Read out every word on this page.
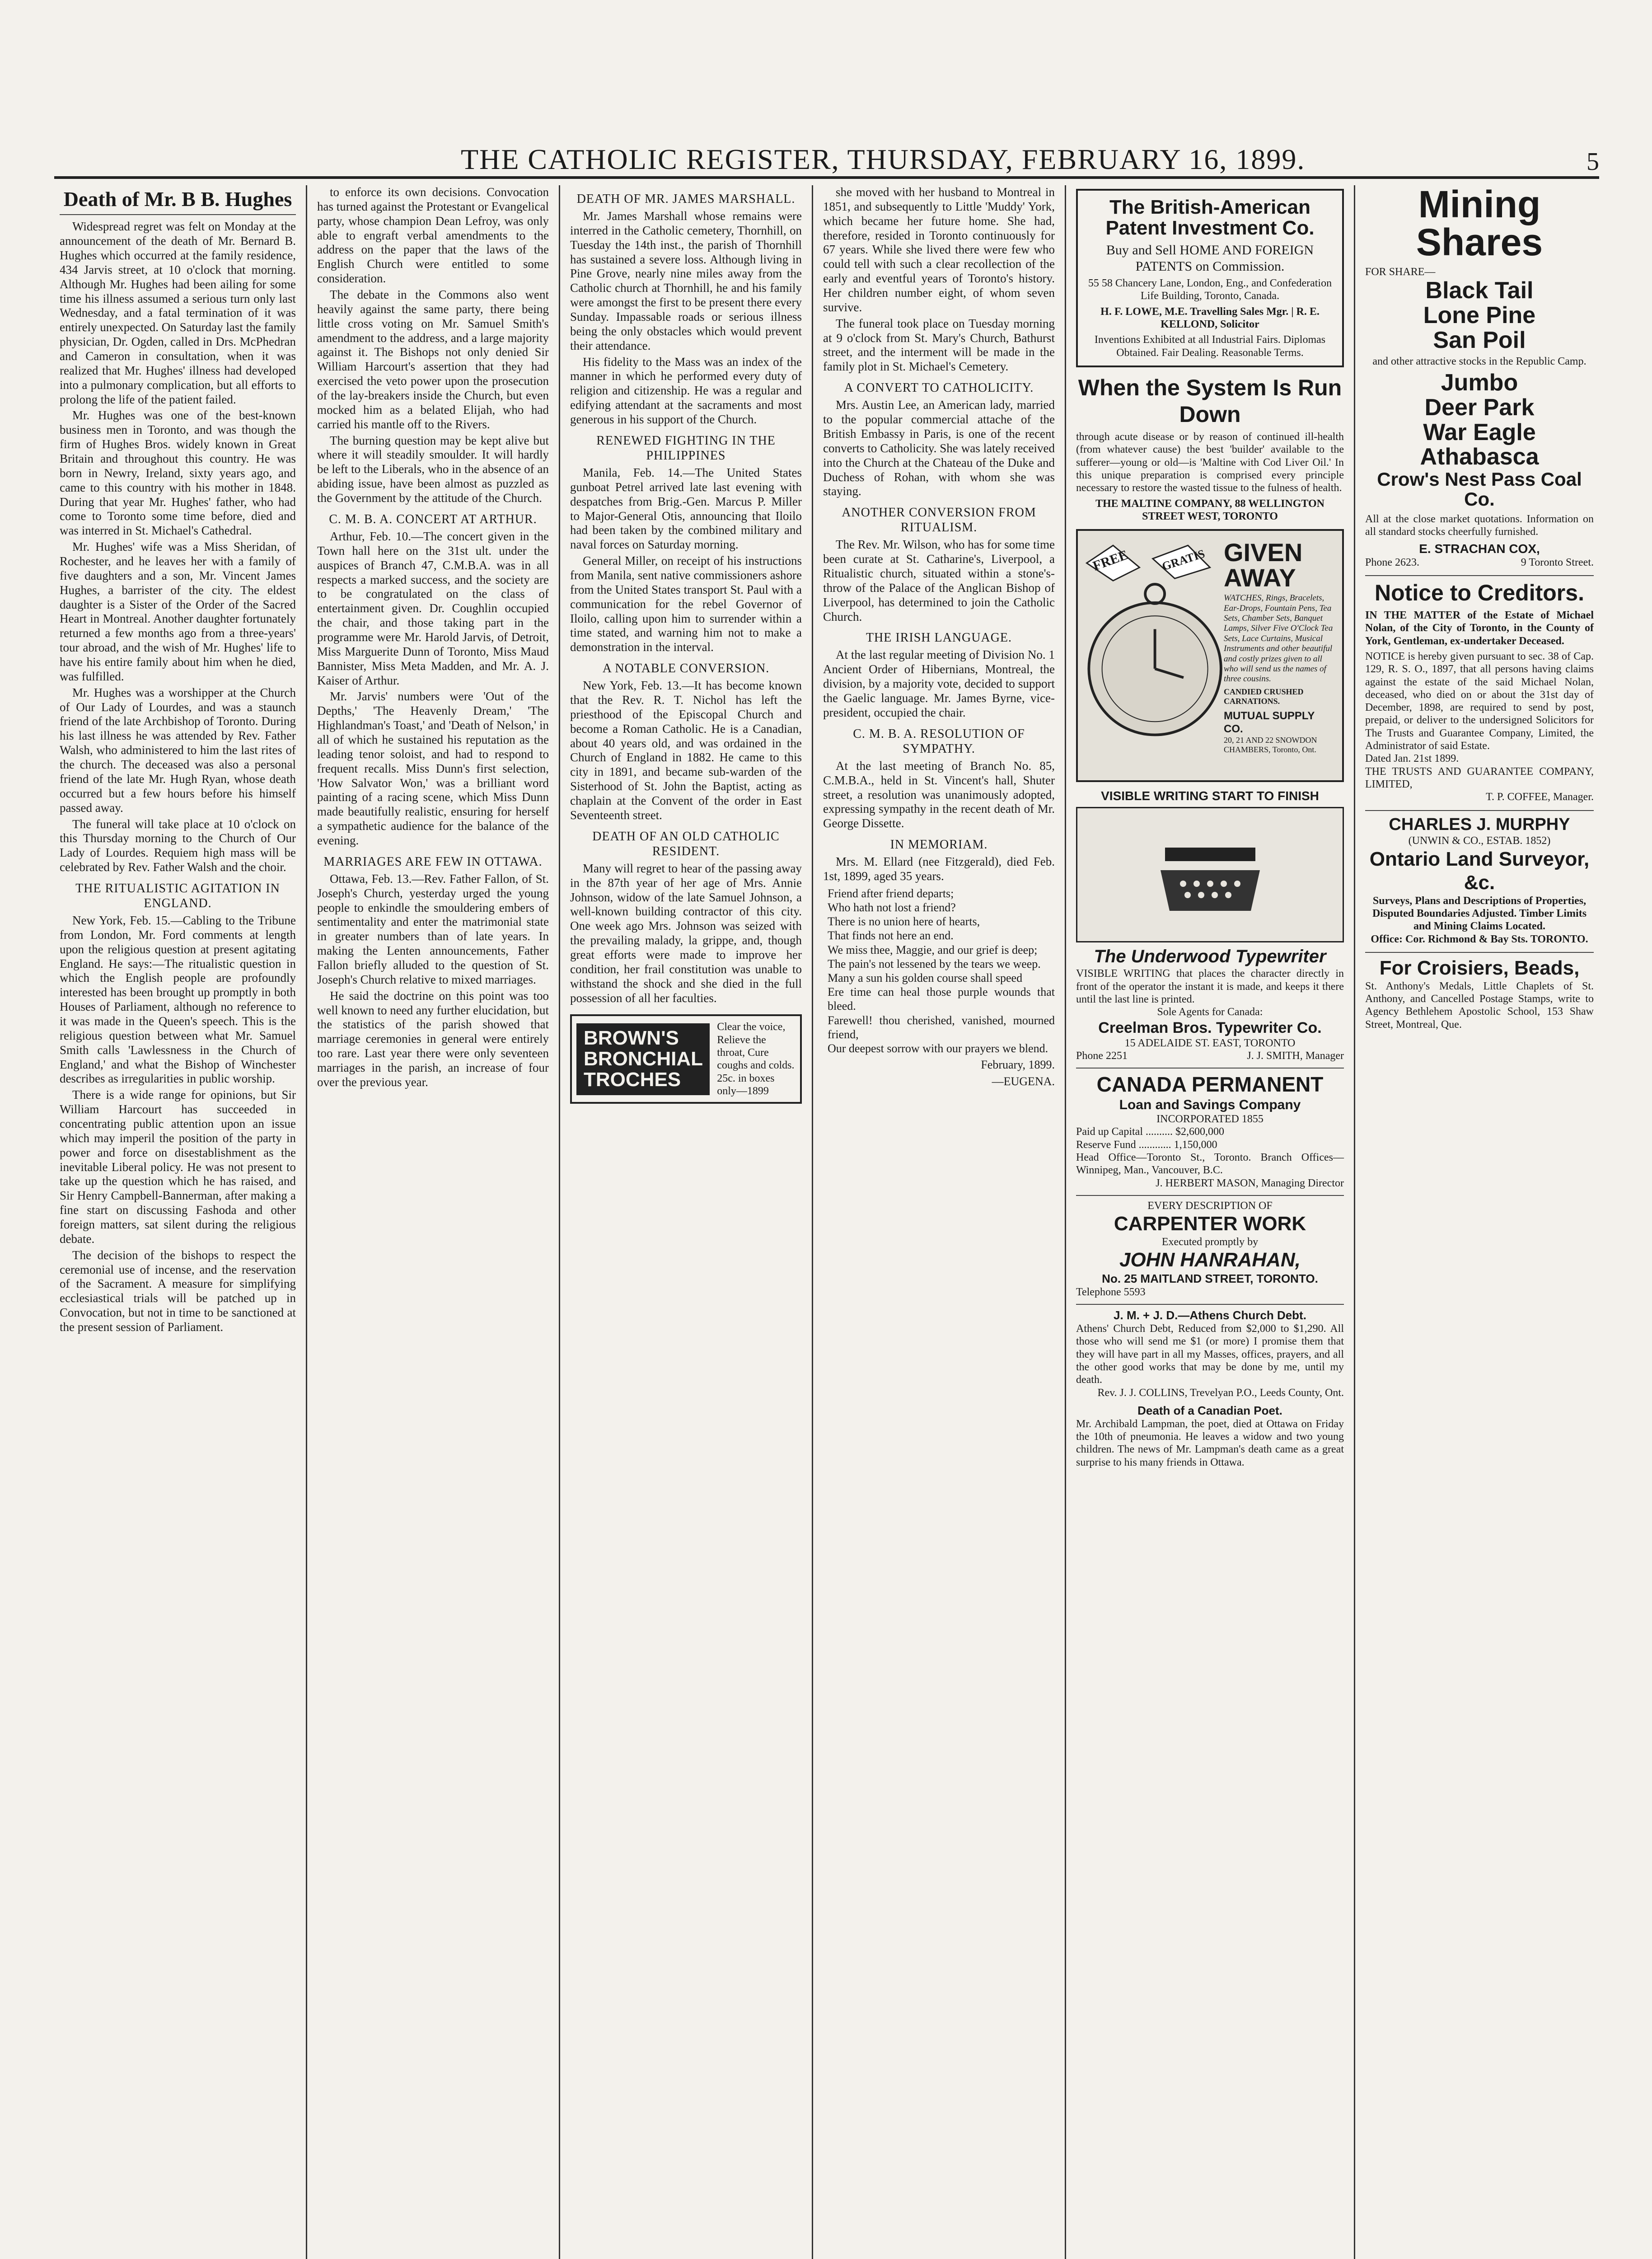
THE CATHOLIC REGISTER, THURSDAY, FEBRUARY 16, 1899.	5
Death of Mr. B B. Hughes

Widespread regret was felt on Monday at the announcement of the death of Mr. Bernard B. Hughes which occurred at the family residence, 434 Jarvis street, at 10 o'clock that morning. Although Mr. Hughes had been ailing for some time his illness assumed a serious turn only last Wednesday, and a fatal termination of it was entirely unexpected. On Saturday last the family physician, Dr. Ogden, called in Drs. McPhedran and Cameron in consultation, when it was realized that Mr. Hughes' illness had developed into a pulmonary complication, but all efforts to prolong the life of the patient failed.

Mr. Hughes was one of the best-known business men in Toronto, and was though the firm of Hughes Bros. widely known in Great Britain and throughout this country. He was born in Newry, Ireland, sixty years ago, and came to this country with his mother in 1848. During that year Mr. Hughes' father, who had come to Toronto some time before, died and was interred in St. Michael's Cathedral.

Mr. Hughes' wife was a Miss Sheridan, of Rochester, and he leaves her with a family of five daughters and a son, Mr. Vincent James Hughes, a barrister of the city. The eldest daughter is a Sister of the Order of the Sacred Heart in Montreal. Another daughter fortunately returned a few months ago from a three-years' tour abroad, and the wish of Mr. Hughes' life to have his entire family about him when he died, was fulfilled.

Mr. Hughes was a worshipper at the Church of Our Lady of Lourdes, and was a staunch friend of the late Archbishop of Toronto. During his last illness he was attended by Rev. Father Walsh, who administered to him the last rites of the church. The deceased was also a personal friend of the late Mr. Hugh Ryan, whose death occurred but a few hours before his himself passed away.

The funeral will take place at 10 o'clock on this Thursday morning to the Church of Our Lady of Lourdes. Requiem high mass will be celebrated by Rev. Father Walsh and the choir.

THE RITUALISTIC AGITATION IN ENGLAND.

New York, Feb. 15.—Cabling to the Tribune from London, Mr. Ford comments at length upon the religious question at present agitating England. He says:—The ritualistic question in which the English people are profoundly interested has been brought up promptly in both Houses of Parliament, although no reference to it was made in the Queen's speech. This is the religious question between what Mr. Samuel Smith calls 'Lawlessness in the Church of England,' and what the Bishop of Winchester describes as irregularities in public worship.

There is a wide range for opinions, but Sir William Harcourt has succeeded in concentrating public attention upon an issue which may imperil the position of the party in power and force on disestablishment as the inevitable Liberal policy. He was not present to take up the question which he has raised, and Sir Henry Campbell-Bannerman, after making a fine start on discussing Fashoda and other foreign matters, sat silent during the religious debate.

The decision of the bishops to respect the ceremonial use of incense, and the reservation of the Sacrament. A measure for simplifying ecclesiastical trials will be patched up in Convocation, but not in time to be sanctioned at the present session of Parliament.

to enforce its own decisions. Convocation has turned against the Protestant or Evangelical party, whose champion Dean Lefroy, was only able to engraft verbal amendments to the address on the paper that the laws of the English Church were entitled to some consideration.

The debate in the Commons also went heavily against the same party, there being little cross voting on Mr. Samuel Smith's amendment to the address, and a large majority against it. The Bishops not only denied Sir William Harcourt's assertion that they had exercised the veto power upon the prosecution of the lay-breakers inside the Church, but even mocked him as a belated Elijah, who had carried his mantle off to the Rivers.

The burning question may be kept alive but where it will steadily smoulder. It will hardly be left to the Liberals, who in the absence of an abiding issue, have been almost as puzzled as the Government by the attitude of the Church.

C. M. B. A. CONCERT AT ARTHUR.

Arthur, Feb. 10.—The concert given in the Town hall here on the 31st ult. under the auspices of Branch 47, C.M.B.A. was in all respects a marked success, and the society are to be congratulated on the class of entertainment given. Dr. Coughlin occupied the chair, and those taking part in the programme were Mr. Harold Jarvis, of Detroit, Miss Marguerite Dunn of Toronto, Miss Maud Bannister, Miss Meta Madden, and Mr. A. J. Kaiser of Arthur.

Mr. Jarvis' numbers were 'Out of the Depths,' 'The Heavenly Dream,' 'The Highlandman's Toast,' and 'Death of Nelson,' in all of which he sustained his reputation as the leading tenor soloist, and had to respond to frequent recalls. Miss Dunn's first selection, 'How Salvator Won,' was a brilliant word painting of a racing scene, which Miss Dunn made beautifully realistic, ensuring for herself a sympathetic audience for the balance of the evening.

MARRIAGES ARE FEW IN OTTAWA.

Ottawa, Feb. 13.—Rev. Father Fallon, of St. Joseph's Church, yesterday urged the young people to enkindle the smouldering embers of sentimentality and enter the matrimonial state in greater numbers than of late years. In making the Lenten announcements, Father Fallon briefly alluded to the question of St. Joseph's Church relative to mixed marriages.

He said the doctrine on this point was too well known to need any further elucidation, but the statistics of the parish showed that marriage ceremonies in general were entirely too rare. Last year there were only seventeen marriages in the parish, an increase of four over the previous year.

DEATH OF MR. JAMES MARSHALL.

Mr. James Marshall whose remains were interred in the Catholic cemetery, Thornhill, on Tuesday the 14th inst., the parish of Thornhill has sustained a severe loss. Although living in Pine Grove, nearly nine miles away from the Catholic church at Thornhill, he and his family were amongst the first to be present there every Sunday. Impassable roads or serious illness being the only obstacles which would prevent their attendance.

His fidelity to the Mass was an index of the manner in which he performed every duty of religion and citizenship. He was a regular and edifying attendant at the sacraments and most generous in his support of the Church.

RENEWED FIGHTING IN THE PHILIPPINES

Manila, Feb. 14.—The United States gunboat Petrel arrived late last evening with despatches from Brig.-Gen. Marcus P. Miller to Major-General Otis, announcing that Iloilo had been taken by the combined military and naval forces on Saturday morning.

General Miller, on receipt of his instructions from Manila, sent native commissioners ashore from the United States transport St. Paul with a communication for the rebel Governor of Iloilo, calling upon him to surrender within a time stated, and warning him not to make a demonstration in the interval.

A NOTABLE CONVERSION.

New York, Feb. 13.—It has become known that the Rev. R. T. Nichol has left the priesthood of the Episcopal Church and become a Roman Catholic. He is a Canadian, about 40 years old, and was ordained in the Church of England in 1882. He came to this city in 1891, and became sub-warden of the Sisterhood of St. John the Baptist, acting as chaplain at the Convent of the order in East Seventeenth street.

DEATH OF AN OLD CATHOLIC RESIDENT.

Many will regret to hear of the passing away in the 87th year of her age of Mrs. Annie Johnson, widow of the late Samuel Johnson, a well-known building contractor of this city. One week ago Mrs. Johnson was seized with the prevailing malady, la grippe, and, though great efforts were made to improve her condition, her frail constitution was unable to withstand the shock and she died in the full possession of all her faculties.

BROWN'S BRONCHIAL TROCHES
Clear the voice, Relieve the throat, Cure coughs and colds.
25c. in boxes only—1899

she moved with her husband to Montreal in 1851, and subsequently to Little 'Muddy' York, which became her future home. She had, therefore, resided in Toronto continuously for 67 years. While she lived there were few who could tell with such a clear recollection of the early and eventful years of Toronto's history. Her children number eight, of whom seven survive.

The funeral took place on Tuesday morning at 9 o'clock from St. Mary's Church, Bathurst street, and the interment will be made in the family plot in St. Michael's Cemetery.

A CONVERT TO CATHOLICITY.

Mrs. Austin Lee, an American lady, married to the popular commercial attache of the British Embassy in Paris, is one of the recent converts to Catholicity. She was lately received into the Church at the Chateau of the Duke and Duchess of Rohan, with whom she was staying.

ANOTHER CONVERSION FROM RITUALISM.

The Rev. Mr. Wilson, who has for some time been curate at St. Catharine's, Liverpool, a Ritualistic church, situated within a stone's-throw of the Palace of the Anglican Bishop of Liverpool, has determined to join the Catholic Church.

THE IRISH LANGUAGE.

At the last regular meeting of Division No. 1 Ancient Order of Hibernians, Montreal, the division, by a majority vote, decided to support the Gaelic language. Mr. James Byrne, vice-president, occupied the chair.

C. M. B. A. RESOLUTION OF SYMPATHY.

At the last meeting of Branch No. 85, C.M.B.A., held in St. Vincent's hall, Shuter street, a resolution was unanimously adopted, expressing sympathy in the recent death of Mr. George Dissette.

IN MEMORIAM.

Mrs. M. Ellard (nee Fitzgerald), died Feb. 1st, 1899, aged 35 years.

Friend after friend departs;
Who hath not lost a friend?
There is no union here of hearts,
That finds not here an end.
We miss thee, Maggie, and our grief is deep;
The pain's not lessened by the tears we weep.
Many a sun his golden course shall speed
Ere time can heal those purple wounds that bleed.
Farewell! thou cherished, vanished, mourned friend,
Our deepest sorrow with our prayers we blend.
February, 1899.
—EUGENA.
The British-American Patent Investment Co.
Buy and Sell HOME AND FOREIGN PATENTS on Commission.
55 58 Chancery Lane, London, Eng., and Confederation Life Building, Toronto, Canada.
H. F. LOWE, M.E. Travelling Sales Mgr. | R. E. KELLOND, Solicitor
Inventions Exhibited at all Industrial Fairs. Diplomas Obtained. Fair Dealing. Reasonable Terms.
When the System Is Run Down
through acute disease or by reason of continued ill-health (from whatever cause) the best 'builder' available to the sufferer—young or old—is 'Maltine with Cod Liver Oil.' In this unique preparation is comprised every principle necessary to restore the wasted tissue to the fulness of health.
THE MALTINE COMPANY, 88 WELLINGTON STREET WEST, TORONTO
FREE	GRATIS GIVEN AWAY
WATCHES, Rings, Bracelets, Ear-Drops, Fountain Pens, Tea Sets, Chamber Sets, Banquet Lamps, Silver Five O'Clock Tea Sets, Lace Curtains, Musical Instruments and other beautiful and costly prizes given to all who will send us the names of three cousins.
CANDIED CRUSHED CARNATIONS.
MUTUAL SUPPLY CO.
20, 21 AND 22 SNOWDON CHAMBERS, Toronto, Ont.
VISIBLE WRITING START TO FINISH
The Underwood Typewriter
VISIBLE WRITING that places the character directly in front of the operator the instant it is made, and keeps it there until the last line is printed.
Sole Agents for Canada:
Creelman Bros. Typewriter Co.
15 ADELAIDE ST. EAST, TORONTO
Phone 2251	J. J. SMITH, Manager
CANADA PERMANENT
Loan and Savings Company
INCORPORATED 1855
Paid up Capital .......... $2,600,000
Reserve Fund ............ 1,150,000
Head Office—Toronto St., Toronto. Branch Offices—Winnipeg, Man., Vancouver, B.C.
J. HERBERT MASON, Managing Director
EVERY DESCRIPTION OF
CARPENTER WORK
Executed promptly by
JOHN HANRAHAN,
No. 25 MAITLAND STREET, TORONTO.
Telephone 5593
J. M. + J. D.—Athens Church Debt.
Athens' Church Debt, Reduced from $2,000 to $1,290. All those who will send me $1 (or more) I promise them that they will have part in all my Masses, offices, prayers, and all the other good works that may be done by me, until my death.
Rev. J. J. COLLINS, Trevelyan P.O., Leeds County, Ont.
Death of a Canadian Poet.
Mr. Archibald Lampman, the poet, died at Ottawa on Friday the 10th of pneumonia. He leaves a widow and two young children. The news of Mr. Lampman's death came as a great surprise to his many friends in Ottawa.
Mining Shares
FOR SHARE—
Black Tail
Lone Pine
San Poil
and other attractive stocks in the Republic Camp.
Jumbo
Deer Park
War Eagle
Athabasca
Crow's Nest Pass Coal Co.
All at the close market quotations. Information on all standard stocks cheerfully furnished.
E. STRACHAN COX,
Phone 2623.	9 Toronto Street.
Notice to Creditors.
IN THE MATTER of the Estate of Michael Nolan, of the City of Toronto, in the County of York, Gentleman, ex-undertaker Deceased.
NOTICE is hereby given pursuant to sec. 38 of Cap. 129, R. S. O., 1897, that all persons having claims against the estate of the said Michael Nolan, deceased, who died on or about the 31st day of December, 1898, are required to send by post, prepaid, or deliver to the undersigned Solicitors for The Trusts and Guarantee Company, Limited, the Administrator of said Estate.
Dated Jan. 21st 1899.
THE TRUSTS AND GUARANTEE COMPANY, LIMITED,
T. P. COFFEE, Manager.
CHARLES J. MURPHY
(UNWIN & CO., ESTAB. 1852)
Ontario Land Surveyor, &c.
Surveys, Plans and Descriptions of Properties, Disputed Boundaries Adjusted. Timber Limits and Mining Claims Located.
Office: Cor. Richmond & Bay Sts. TORONTO.
For Croisiers, Beads,
St. Anthony's Medals, Little Chaplets of St. Anthony, and Cancelled Postage Stamps, write to Agency Bethlehem Apostolic School, 153 Shaw Street, Montreal, Que.
